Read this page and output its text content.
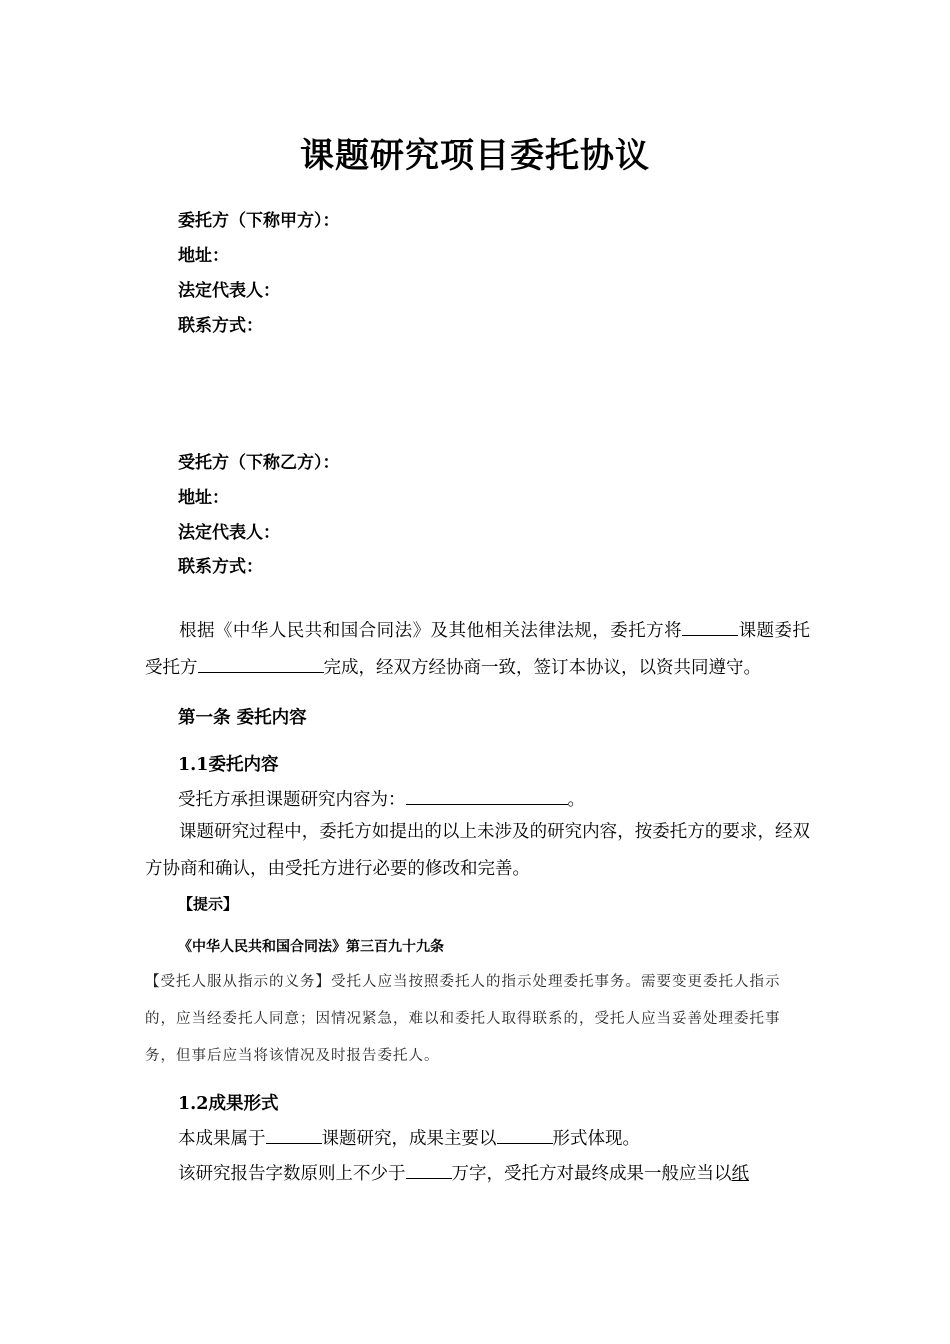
课题研究项目委托协议
委托方（下称甲方）：
地址：
法定代表人：
联系方式：
受托方（下称乙方）：
地址：
法定代表人：
联系方式：
根据《中华人民共和国合同法》及其他相关法律法规，委托方将	课题委托受托方	完成，经双方经协商一致，签订本协议，以资共同遵守。
第一条 委托内容
1.1委托内容
受托方承担课题研究内容为：	。
课题研究过程中，委托方如提出的以上未涉及的研究内容，按委托方的要求，经双方协商和确认，由受托方进行必要的修改和完善。
【提示】
《中华人民共和国合同法》第三百九十九条
【受托人服从指示的义务】受托人应当按照委托人的指示处理委托事务。需要变更委托人指示的，应当经委托人同意；因情况紧急，难以和委托人取得联系的，受托人应当妥善处理委托事务，但事后应当将该情况及时报告委托人。
1.2成果形式
本成果属于	课题研究，成果主要以	形式体现。
该研究报告字数原则上不少于	万字，受托方对最终成果一般应当以纸
